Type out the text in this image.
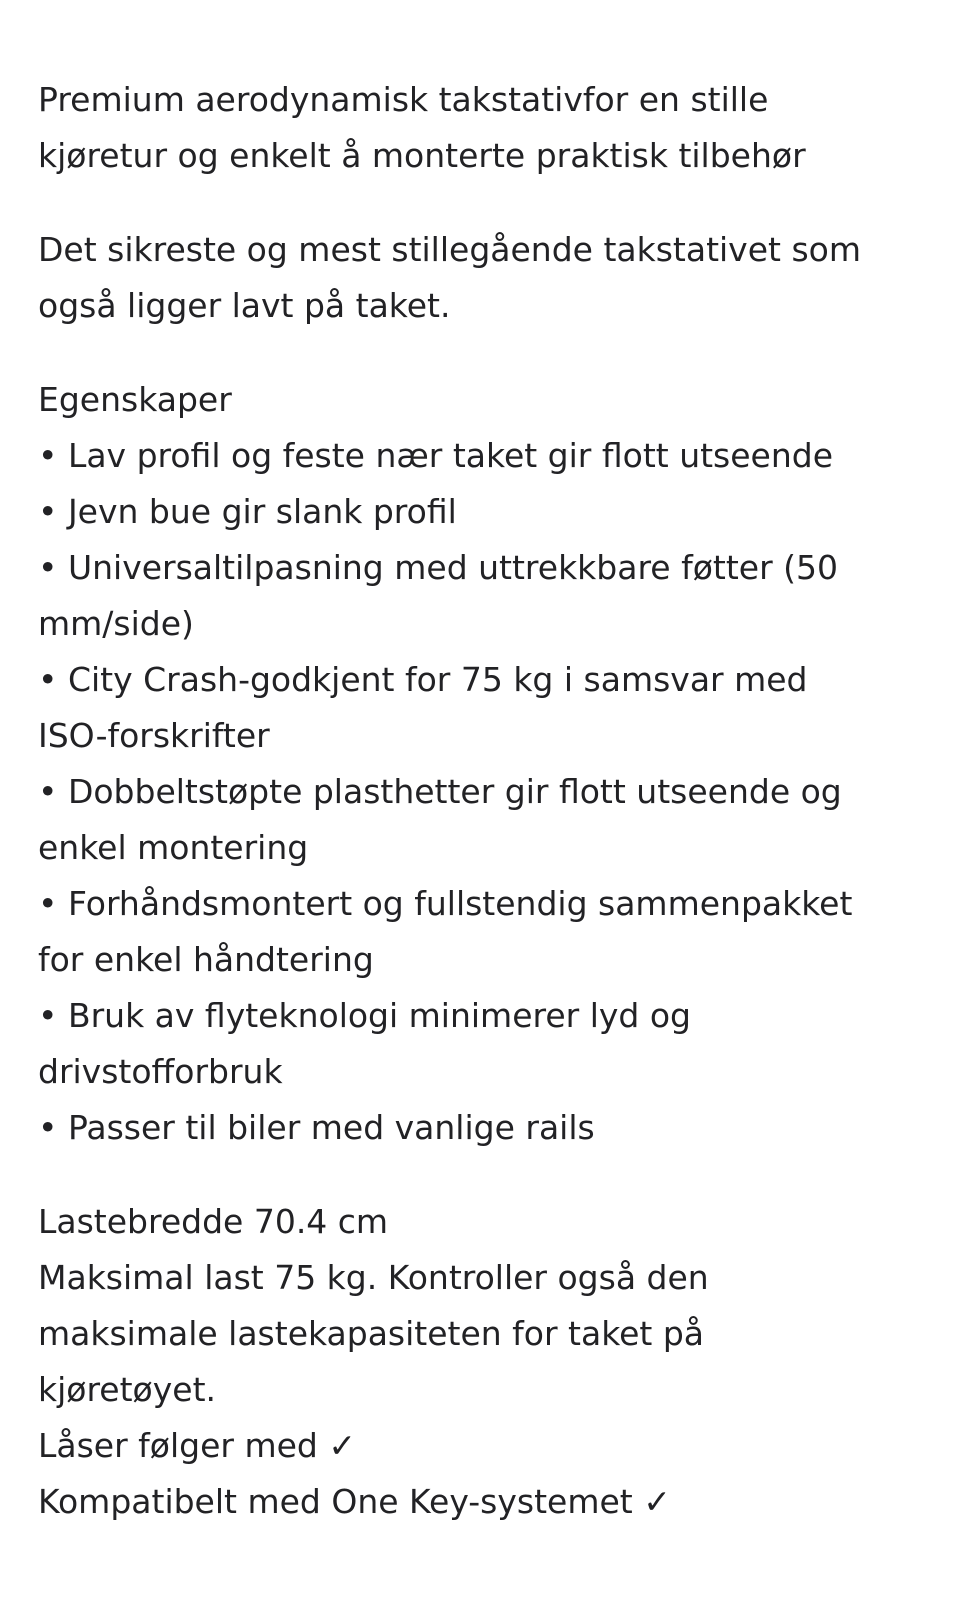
Premium aerodynamisk takstativfor en stille
kjøretur og enkelt å monterte praktisk tilbehør

Det sikreste og mest stillegående takstativet som
også ligger lavt på taket.

Egenskaper
• Lav profil og feste nær taket gir flott utseende
• Jevn bue gir slank profil
• Universaltilpasning med uttrekkbare føtter (50
mm/side)
• City Crash-godkjent for 75 kg i samsvar med
ISO-forskrifter
• Dobbeltstøpte plasthetter gir flott utseende og
enkel montering
• Forhåndsmontert og fullstendig sammenpakket
for enkel håndtering
• Bruk av flyteknologi minimerer lyd og
drivstofforbruk
• Passer til biler med vanlige rails
Lastebredde 70.4 cm
Maksimal last 75 kg. Kontroller også den
maksimale lastekapasiteten for taket på
kjøretøyet.
Låser følger med ✓
Kompatibelt med One Key-systemet ✓
